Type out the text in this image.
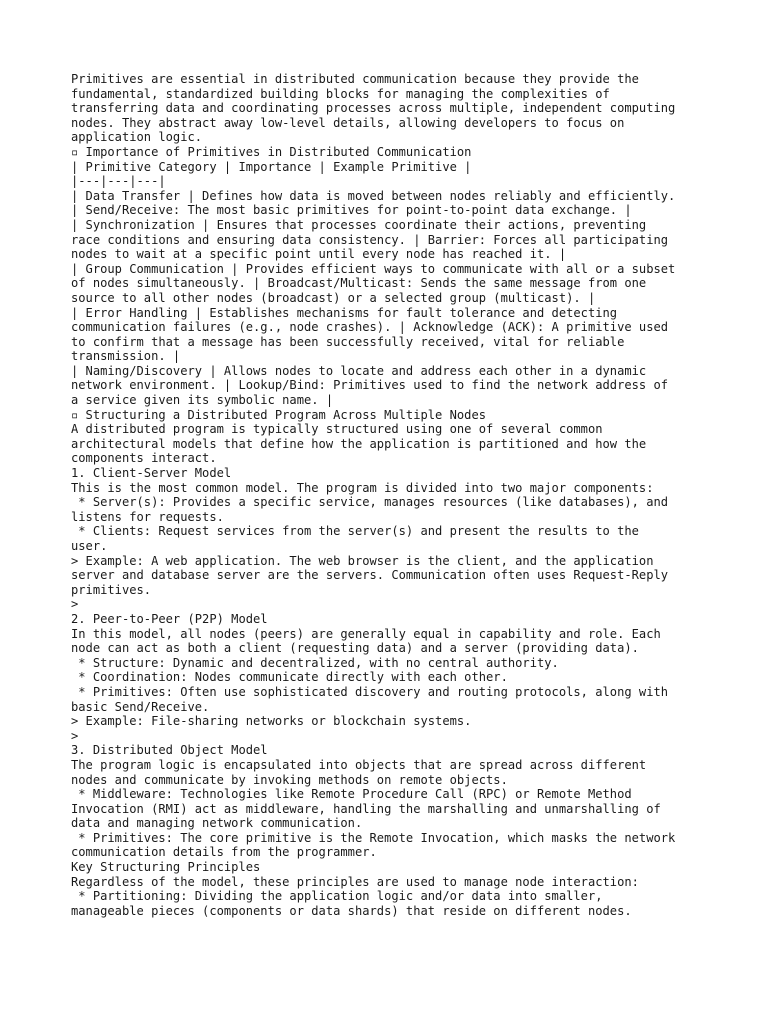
Primitives are essential in distributed communication because they provide the
fundamental, standardized building blocks for managing the complexities of
transferring data and coordinating processes across multiple, independent computing
nodes. They abstract away low-level details, allowing developers to focus on
application logic.
▫ Importance of Primitives in Distributed Communication
| Primitive Category | Importance | Example Primitive |
|---|---|---|
| Data Transfer | Defines how data is moved between nodes reliably and efficiently.
| Send/Receive: The most basic primitives for point-to-point data exchange. |
| Synchronization | Ensures that processes coordinate their actions, preventing
race conditions and ensuring data consistency. | Barrier: Forces all participating
nodes to wait at a specific point until every node has reached it. |
| Group Communication | Provides efficient ways to communicate with all or a subset
of nodes simultaneously. | Broadcast/Multicast: Sends the same message from one
source to all other nodes (broadcast) or a selected group (multicast). |
| Error Handling | Establishes mechanisms for fault tolerance and detecting
communication failures (e.g., node crashes). | Acknowledge (ACK): A primitive used
to confirm that a message has been successfully received, vital for reliable
transmission. |
| Naming/Discovery | Allows nodes to locate and address each other in a dynamic
network environment. | Lookup/Bind: Primitives used to find the network address of
a service given its symbolic name. |
▫ Structuring a Distributed Program Across Multiple Nodes
A distributed program is typically structured using one of several common
architectural models that define how the application is partitioned and how the
components interact.
1. Client-Server Model
This is the most common model. The program is divided into two major components:
* Server(s): Provides a specific service, manages resources (like databases), and
listens for requests.
* Clients: Request services from the server(s) and present the results to the
user.
> Example: A web application. The web browser is the client, and the application
server and database server are the servers. Communication often uses Request-Reply
primitives.
>
2. Peer-to-Peer (P2P) Model
In this model, all nodes (peers) are generally equal in capability and role. Each
node can act as both a client (requesting data) and a server (providing data).
* Structure: Dynamic and decentralized, with no central authority.
* Coordination: Nodes communicate directly with each other.
* Primitives: Often use sophisticated discovery and routing protocols, along with
basic Send/Receive.
> Example: File-sharing networks or blockchain systems.
>
3. Distributed Object Model
The program logic is encapsulated into objects that are spread across different
nodes and communicate by invoking methods on remote objects.
* Middleware: Technologies like Remote Procedure Call (RPC) or Remote Method
Invocation (RMI) act as middleware, handling the marshalling and unmarshalling of
data and managing network communication.
* Primitives: The core primitive is the Remote Invocation, which masks the network
communication details from the programmer.
Key Structuring Principles
Regardless of the model, these principles are used to manage node interaction:
* Partitioning: Dividing the application logic and/or data into smaller,
manageable pieces (components or data shards) that reside on different nodes.
